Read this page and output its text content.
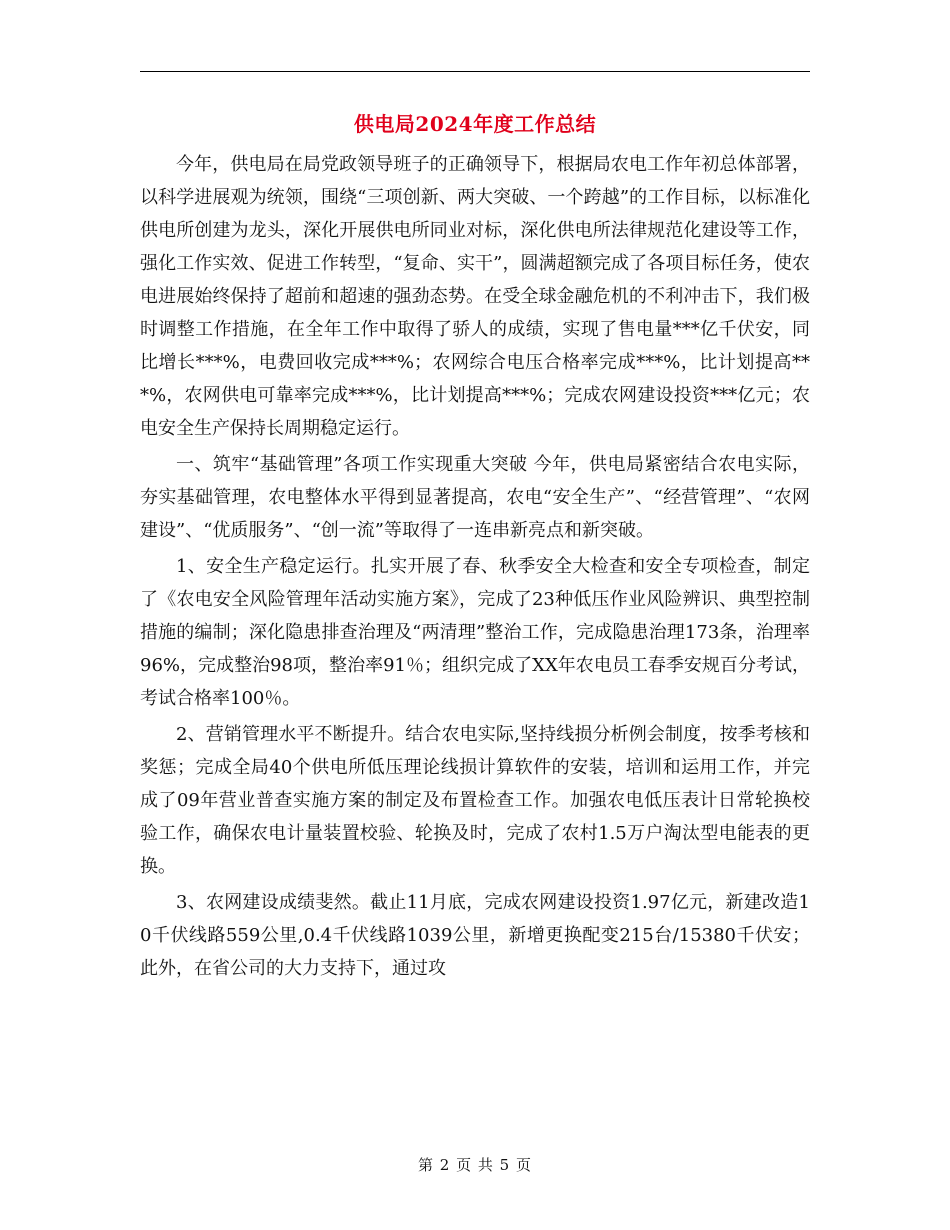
供电局2024年度工作总结

今年，供电局在局党政领导班子的正确领导下，根据局农电工作年初总体部署，以科学进展观为统领，围绕“三项创新、两大突破、一个跨越”的工作目标，以标准化供电所创建为龙头，深化开展供电所同业对标，深化供电所法律规范化建设等工作，强化工作实效、促进工作转型，“复命、实干”，圆满超额完成了各项目标任务，使农电进展始终保持了超前和超速的强劲态势。在受全球金融危机的不利冲击下，我们极时调整工作措施，在全年工作中取得了骄人的成绩，实现了售电量***亿千伏安，同比增长***%，电费回收完成***%；农网综合电压合格率完成***%，比计划提高***%，农网供电可靠率完成***%，比计划提高***%；完成农网建设投资***亿元；农电安全生产保持长周期稳定运行。

一、筑牢“基础管理”各项工作实现重大突破 今年，供电局紧密结合农电实际，夯实基础管理，农电整体水平得到显著提高，农电“安全生产”、“经营管理”、“农网建设”、“优质服务”、“创一流”等取得了一连串新亮点和新突破。

1、安全生产稳定运行。扎实开展了春、秋季安全大检查和安全专项检查，制定了《农电安全风险管理年活动实施方案》，完成了23种低压作业风险辨识、典型控制措施的编制；深化隐患排查治理及“两清理”整治工作，完成隐患治理173条，治理率96%，完成整治98项，整治率91％；组织完成了XX年农电员工春季安规百分考试，考试合格率100％。

2、营销管理水平不断提升。结合农电实际,坚持线损分析例会制度，按季考核和奖惩；完成全局40个供电所低压理论线损计算软件的安装，培训和运用工作，并完成了09年营业普查实施方案的制定及布置检查工作。加强农电低压表计日常轮换校验工作，确保农电计量装置校验、轮换及时，完成了农村1.5万户淘汰型电能表的更换。

3、农网建设成绩斐然。截止11月底，完成农网建设投资1.97亿元，新建改造10千伏线路559公里,0.4千伏线路1039公里，新增更换配变215台/15380千伏安；此外，在省公司的大力支持下，通过攻

第 2 页 共 5 页
